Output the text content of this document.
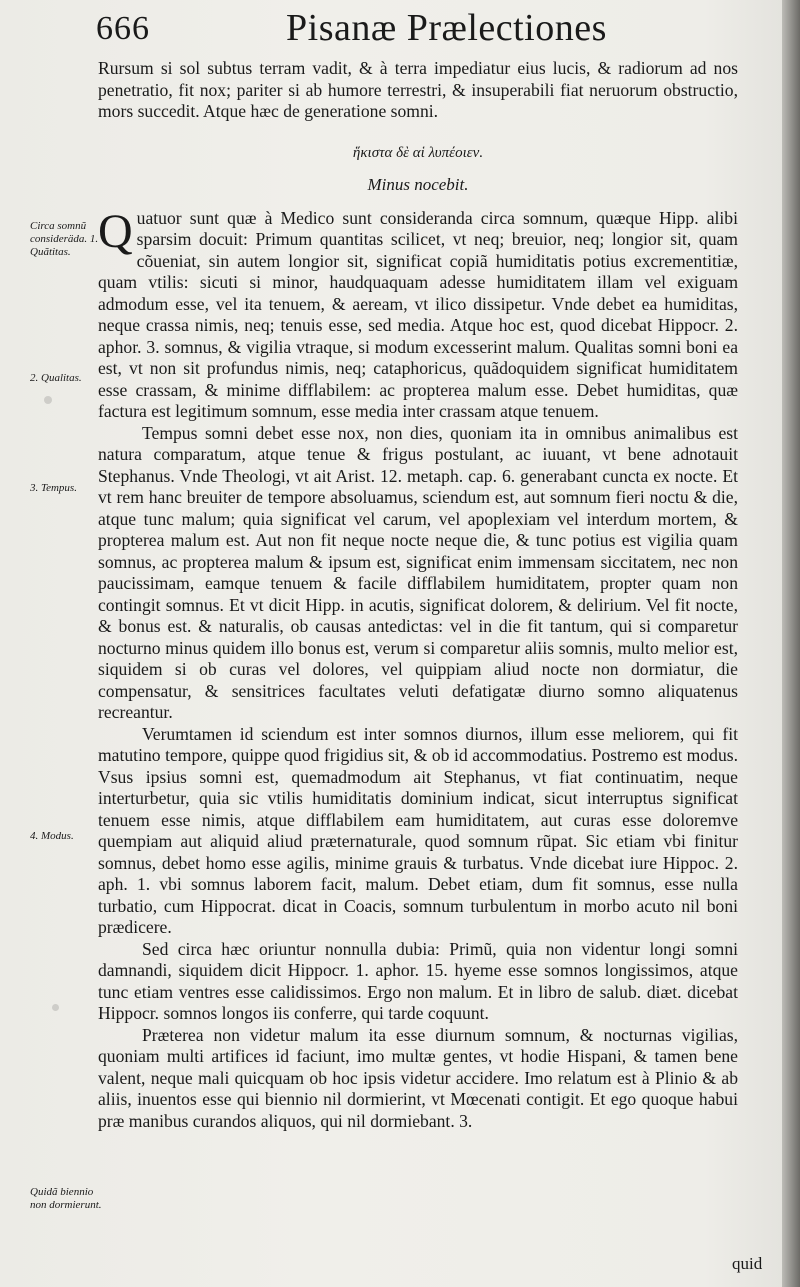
666	Pisanæ Prælectiones

Rursum si sol subtus terram vadit, & à terra impediatur eius lucis, & radiorum ad nos penetratio, fit nox; pariter si ab humore terrestri, & insuperabili fiat neruorum obstructio, mors succedit. Atque hæc de generatione somni.

ἥκιστα δὲ αἱ λυπέοιεν.
Minus nocebit.

Quatuor sunt quæ à Medico sunt consideranda circa somnum, quæque Hipp. alibi sparsim docuit: Primum quantitas scilicet, vt neq; breuior, neq; longior sit, quam cõueniat, sin autem longior sit, significat copiã humiditatis potius excrementitiæ, quam vtilis: sicuti si minor, haudquaquam adesse humiditatem illam vel exiguam admodum esse, vel ita tenuem, & aeream, vt ilico dissipetur. Vnde debet ea humiditas, neque crassa nimis, neq; tenuis esse, sed media. Atque hoc est, quod dicebat Hippocr. 2. aphor. 3. somnus, & vigilia vtraque, si modum excesserint malum. Qualitas somni boni ea est, vt non sit profundus nimis, neq; cataphoricus, quãdoquidem significat humiditatem esse crassam, & minime difflabilem: ac propterea malum esse. Debet humiditas, quæ factura est legitimum somnum, esse media inter crassam atque tenuem.

Tempus somni debet esse nox, non dies, quoniam ita in omnibus animalibus est natura comparatum, atque tenue & frigus postulant, ac iuuant, vt bene adnotauit Stephanus. Vnde Theologi, vt ait Arist. 12. metaph. cap. 6. generabant cuncta ex nocte. Et vt rem hanc breuiter de tempore absoluamus, sciendum est, aut somnum fieri noctu & die, atque tunc malum; quia significat vel carum, vel apoplexiam vel interdum mortem, & propterea malum est. Aut non fit neque nocte neque die, & tunc potius est vigilia quam somnus, ac propterea malum & ipsum est, significat enim immensam siccitatem, nec non paucissimam, eamque tenuem & facile difflabilem humiditatem, propter quam non contingit somnus. Et vt dicit Hipp. in acutis, significat dolorem, & delirium. Vel fit nocte, & bonus est. & naturalis, ob causas antedictas: vel in die fit tantum, qui si comparetur nocturno minus quidem illo bonus est, verum si comparetur aliis somnis, multo melior est, siquidem si ob curas vel dolores, vel quippiam aliud nocte non dormiatur, die compensatur, & sensitrices facultates veluti defatigatæ diurno somno aliquatenus recreantur.

Verumtamen id sciendum est inter somnos diurnos, illum esse meliorem, qui fit matutino tempore, quippe quod frigidius sit, & ob id accommodatius. Postremo est modus. Vsus ipsius somni est, quemadmodum ait Stephanus, vt fiat continuatim, neque interturbetur, quia sic vtilis humiditatis dominium indicat, sicut interruptus significat tenuem esse nimis, atque difflabilem eam humiditatem, aut curas esse doloremve quempiam aut aliquid aliud præternaturale, quod somnum rũpat. Sic etiam vbi finitur somnus, debet homo esse agilis, minime grauis & turbatus. Vnde dicebat iure Hippoc. 2. aph. 1. vbi somnus laborem facit, malum. Debet etiam, dum fit somnus, esse nulla turbatio, cum Hippocrat. dicat in Coacis, somnum turbulentum in morbo acuto nil boni prædicere.

Sed circa hæc oriuntur nonnulla dubia: Primũ, quia non videntur longi somni damnandi, siquidem dicit Hippocr. 1. aphor. 15. hyeme esse somnos longissimos, atque tunc etiam ventres esse calidissimos. Ergo non malum. Et in libro de salub. diæt. dicebat Hippocr. somnos longos iis conferre, qui tarde coquunt.

Præterea non videtur malum ita esse diurnum somnum, & nocturnas vigilias, quoniam multi artifices id faciunt, imo multæ gentes, vt hodie Hispani, & tamen bene valent, neque mali quicquam ob hoc ipsis videtur accidere. Imo relatum est à Plinio & ab aliis, inuentos esse qui biennio nil dormierint, vt Mœcenati contigit. Et ego quoque habui præ manibus curandos aliquos, qui nil dormiebant. 3.

Circa somnũ consideräda. 1. Quãtitas.
2. Qualitas.
3. Tempus.
4. Modus.
Quidã biennio non dormierunt.
quid
